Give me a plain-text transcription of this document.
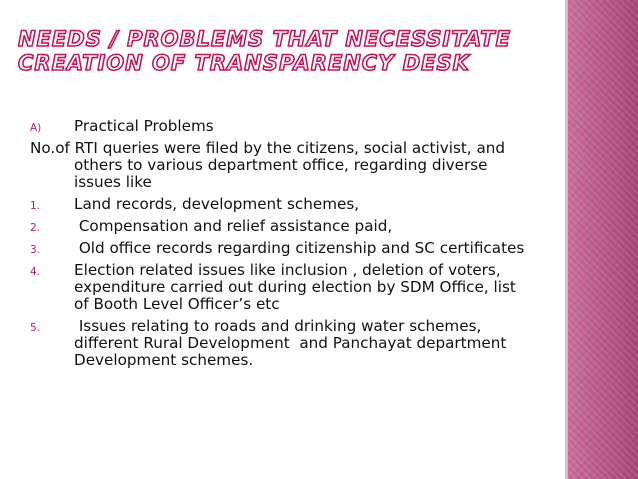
NEEDS / PROBLEMS THAT NECESSITATE CREATION OF TRANSPARENCY DESK
A) Practical Problems
No.of RTI queries were filed by the citizens, social activist, and others to various department office, regarding diverse issues like
1. Land records, development schemes,
2. Compensation and relief assistance paid,
3. Old office records regarding citizenship and SC certificates
4. Election related issues like inclusion , deletion of voters, expenditure carried out during election by SDM Office, list of Booth Level Officer’s etc
5. Issues relating to roads and drinking water schemes, different Rural Development  and Panchayat department Development schemes.
